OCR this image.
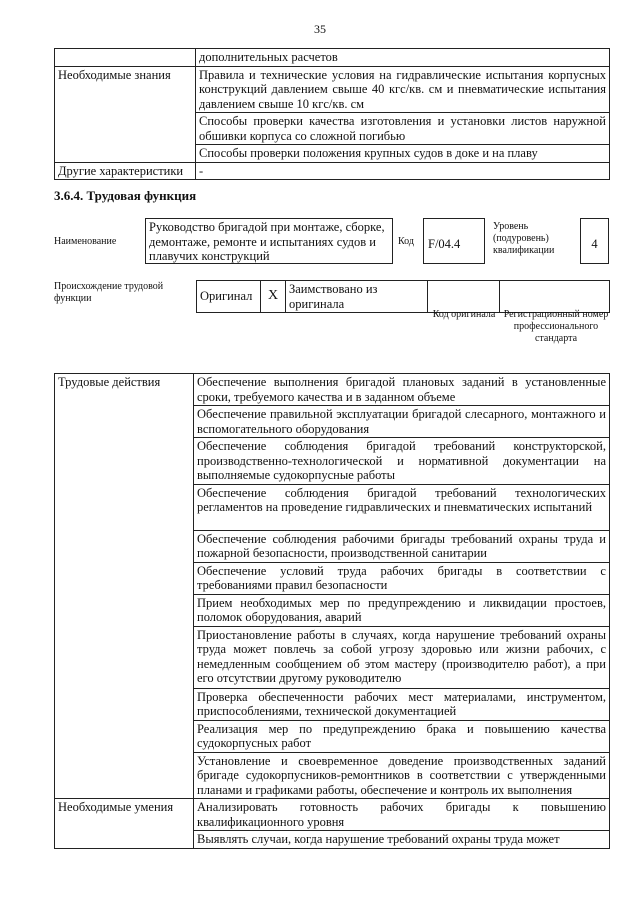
35
	дополнительных расчетов
Необходимые знания	Правила и технические условия на гидравлические испытания корпусных конструкций давлением свыше 40 кгс/кв. см и пневматические испытания давлением свыше 10 кгс/кв. см
	Способы проверки качества изготовления и установки листов наружной обшивки корпуса со сложной погибью
	Способы проверки положения крупных судов в доке и на плаву
Другие характеристики	-
3.6.4. Трудовая функция
Наименование
Руководство бригадой при монтаже, сборке, демонтаже, ремонте и испытаниях судов и плавучих конструкций
Код	F/04.4
Уровень (подуровень) квалификации	4
Происхождение трудовой функции	Оригинал	X	Заимствовано из оригинала		
Код оригинала Регистрационный номер профессионального стандарта
Трудовые действия	Обеспечение выполнения бригадой плановых заданий в установленные сроки, требуемого качества и в заданном объеме
	Обеспечение правильной эксплуатации бригадой слесарного, монтажного и вспомогательного оборудования
	Обеспечение соблюдения бригадой требований конструкторской, производственно-технологической и нормативной документации на выполняемые судокорпусные работы
	Обеспечение соблюдения бригадой требований технологических регламентов на проведение гидравлических и пневматических испытаний
	Обеспечение соблюдения рабочими бригады требований охраны труда и пожарной безопасности, производственной санитарии
	Обеспечение условий труда рабочих бригады в соответствии с требованиями правил безопасности
	Прием необходимых мер по предупреждению и ликвидации простоев, поломок оборудования, аварий
	Приостановление работы в случаях, когда нарушение требований охраны труда может повлечь за собой угрозу здоровью или жизни рабочих, с немедленным сообщением об этом мастеру (производителю работ), а при его отсутствии другому руководителю
	Проверка обеспеченности рабочих мест материалами, инструментом, приспособлениями, технической документацией
	Реализация мер по предупреждению брака и повышению качества судокорпусных работ
	Установление и своевременное доведение производственных заданий бригаде судокорпусников-ремонтников в соответствии с утвержденными планами и графиками работы, обеспечение и контроль их выполнения
Необходимые умения	Анализировать готовность рабочих бригады к повышению квалификационного уровня
	Выявлять случаи, когда нарушение требований охраны труда может
